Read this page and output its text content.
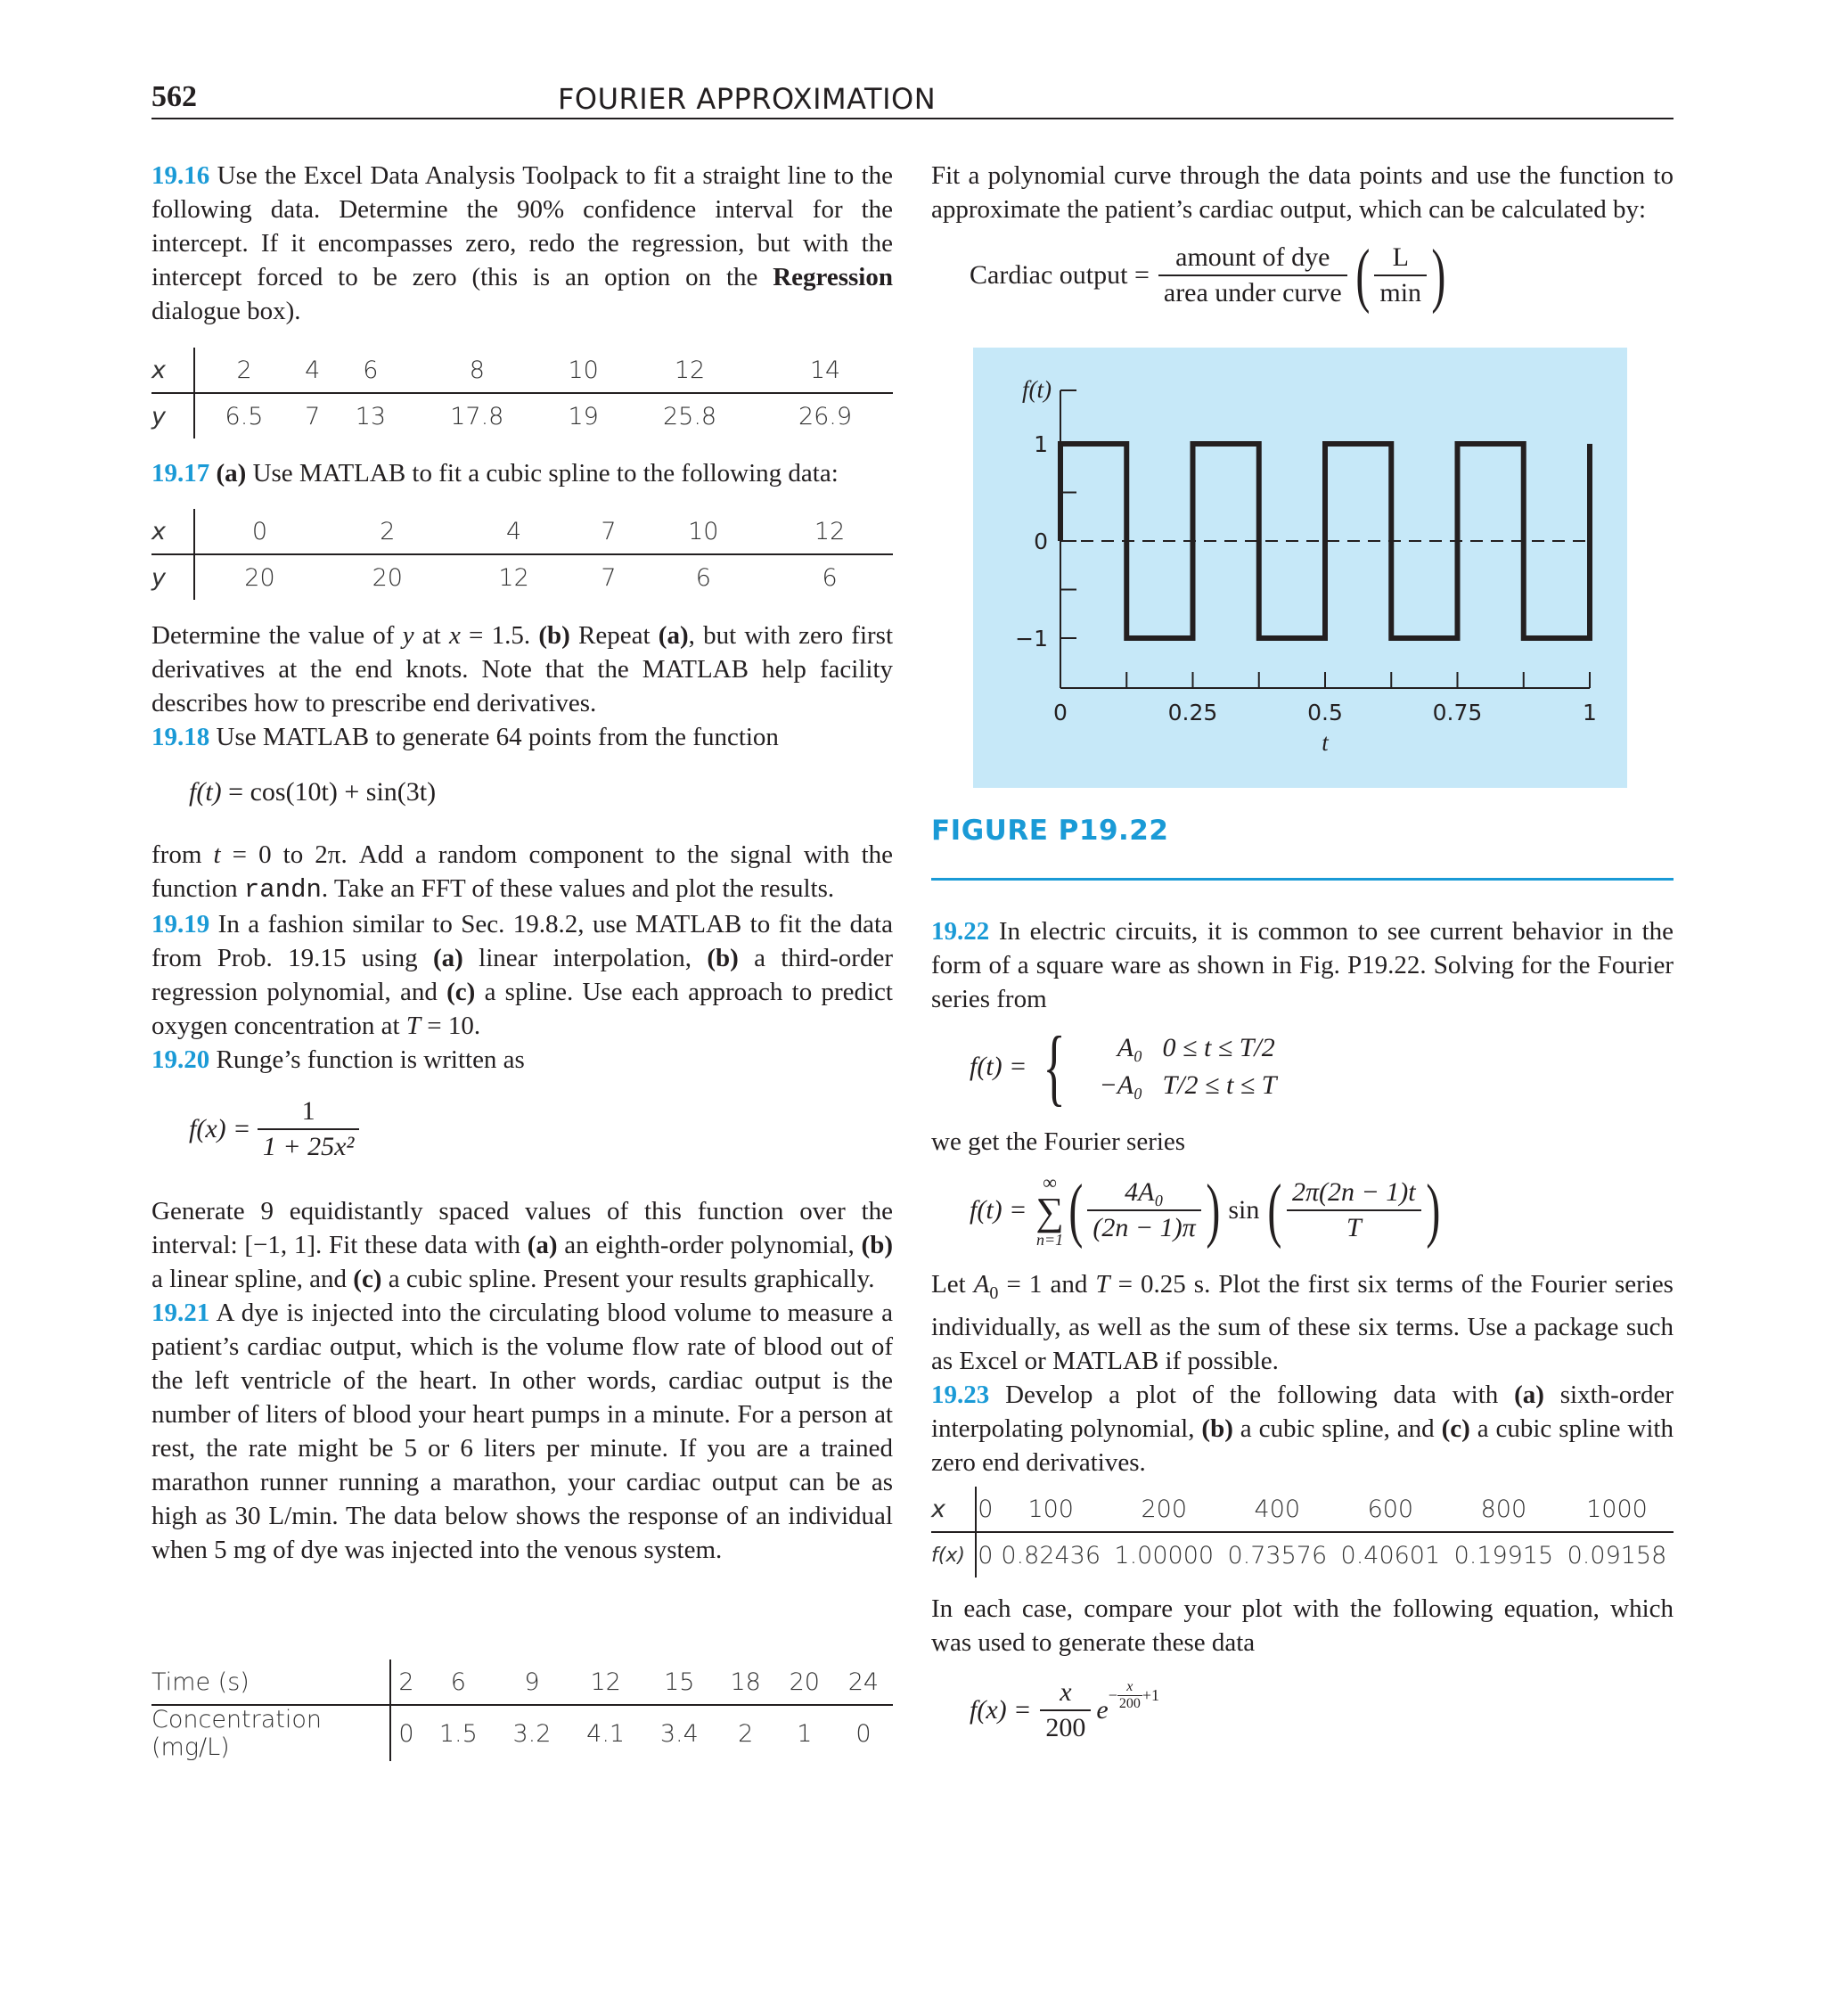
562	FOURIER APPROXIMATION

19.16 Use the Excel Data Analysis Toolpack to fit a straight line to the following data. Determine the 90% confidence interval for the intercept. If it encompasses zero, redo the regression, but with the intercept forced to be zero (this is an option on the Regression dialogue box).

x	2	4	6	8	10	12	14
y	6.5	7	13	17.8	19	25.8	26.9

19.17 (a) Use MATLAB to fit a cubic spline to the following data:

x	0	2	4	7	10	12
y	20	20	12	7	6	6

Determine the value of y at x = 1.5. (b) Repeat (a), but with zero first derivatives at the end knots. Note that the MATLAB help facility describes how to prescribe end derivatives.

19.18 Use MATLAB to generate 64 points from the function

f(t) = cos(10t) + sin(3t)

from t = 0 to 2π. Add a random component to the signal with the function randn. Take an FFT of these values and plot the results.

19.19 In a fashion similar to Sec. 19.8.2, use MATLAB to fit the data from Prob. 19.15 using (a) linear interpolation, (b) a third-order regression polynomial, and (c) a spline. Use each approach to predict oxygen concentration at T = 10.

19.20 Runge’s function is written as

$f(x) = \frac{1}{\text{1 + 25x²}}$

Generate 9 equidistantly spaced values of this function over the interval: [−1, 1]. Fit these data with (a) an eighth-order polynomial, (b) a linear spline, and (c) a cubic spline. Present your results graphically.

19.21 A dye is injected into the circulating blood volume to measure a patient’s cardiac output, which is the volume flow rate of blood out of the left ventricle of the heart. In other words, cardiac output is the number of liters of blood your heart pumps in a minute. For a person at rest, the rate might be 5 or 6 liters per minute. If you are a trained marathon runner running a marathon, your cardiac output can be as high as 30 L/min. The data below shows the response of an individual when 5 mg of dye was injected into the venous system.

Time (s)	2	6	9	12	15	18	20	24
Concentration (mg/L)	0	1.5	3.2	4.1	3.4	2	1	0

Fit a polynomial curve through the data points and use the function to approximate the patient’s cardiac output, which can be calculated by:

Cardiac output = $\frac{\text{amount of dye}}{\text{area under curve}}$ ( $\frac{L}{\min}$ )
1
0
−1
0	0.25	0.5	0.75	1
f(t)
t
FIGURE P19.22

19.22 In electric circuits, it is common to see current behavior in the form of a square ware as shown in Fig. P19.22. Solving for the Fourier series from

f(t) = {	A₀ 0 ≤ t ≤ T/2
−A₀ T/2 ≤ t ≤ T

we get the Fourier series

f(t) =
∞
∑
n=1 ( $\frac{\text{4A₀}}{(2n - 1)\pi}$ ) sin ( $\frac{2\pi(2n - 1)t}{T}$ )

Let $A_0 = 1$ and T = 0.25 s. Plot the first six terms of the Fourier series individually, as well as the sum of these six terms. Use a package such as Excel or MATLAB if possible.

19.23 Develop a plot of the following data with (a) sixth-order interpolating polynomial, (b) a cubic spline, and (c) a cubic spline with zero end derivatives.

x	0	100	200	400	600	800	1000
f(x)	0	0.82436	1.00000	0.73576	0.40601	0.19915	0.09158

In each case, compare your plot with the following equation, which was used to generate these data

$f(x) = \frac{x}{200}$ e
− $\frac{x}{200} +1$
